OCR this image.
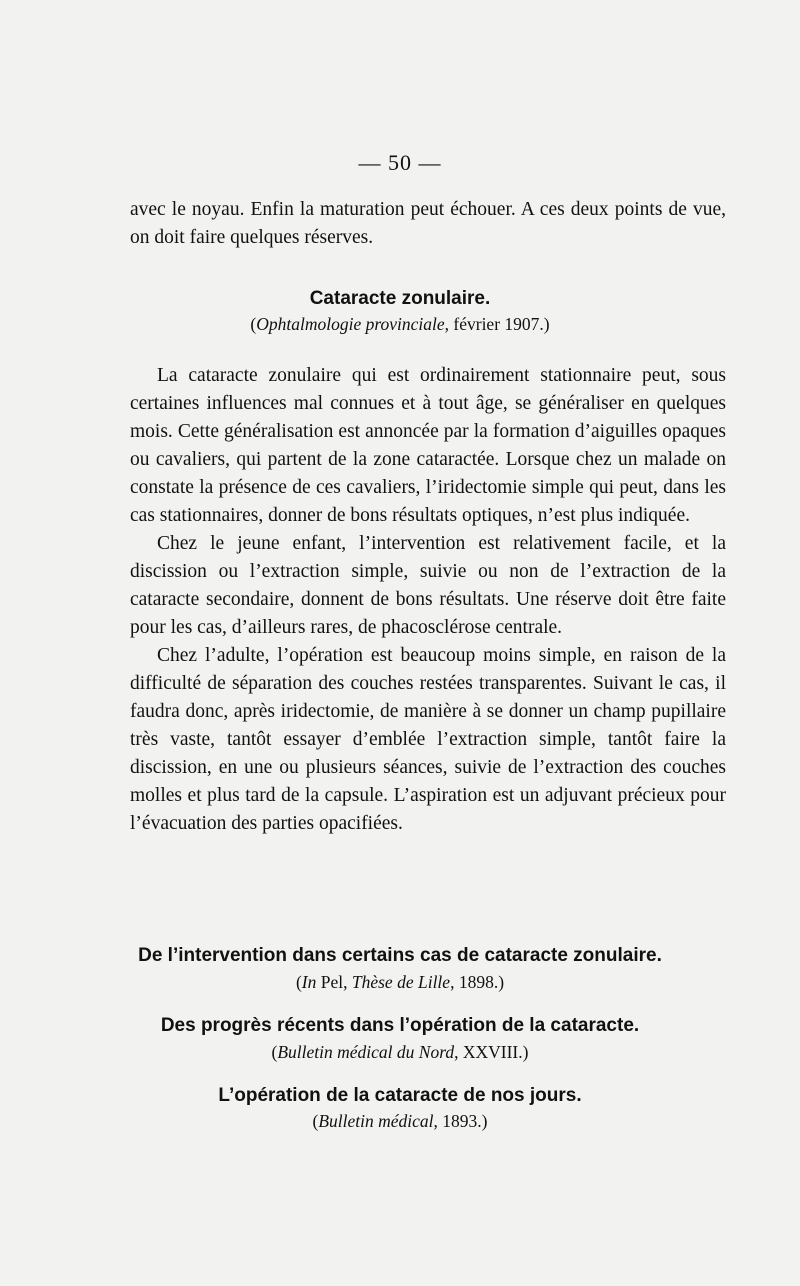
— 50 —

avec le noyau. Enfin la maturation peut échouer. A ces deux points de vue, on doit faire quelques réserves.

Cataracte zonulaire.
(Ophtalmologie provinciale, février 1907.)

La cataracte zonulaire qui est ordinairement stationnaire peut, sous certaines influences mal connues et à tout âge, se généraliser en quelques mois. Cette généralisation est annoncée par la formation d’aiguilles opaques ou cavaliers, qui partent de la zone cataractée. Lorsque chez un malade on constate la présence de ces cavaliers, l’iridectomie simple qui peut, dans les cas stationnaires, donner de bons résultats optiques, n’est plus indiquée.

Chez le jeune enfant, l’intervention est relativement facile, et la discission ou l’extraction simple, suivie ou non de l’extraction de la cataracte secondaire, donnent de bons résultats. Une réserve doit être faite pour les cas, d’ailleurs rares, de phacosclérose centrale.

Chez l’adulte, l’opération est beaucoup moins simple, en raison de la difficulté de séparation des couches restées transparentes. Suivant le cas, il faudra donc, après iridectomie, de manière à se donner un champ pupillaire très vaste, tantôt essayer d’emblée l’extraction simple, tantôt faire la discission, en une ou plusieurs séances, suivie de l’extraction des couches molles et plus tard de la capsule. L’aspiration est un adjuvant précieux pour l’évacuation des parties opacifiées.

De l’intervention dans certains cas de cataracte zonulaire.
(In Pel, Thèse de Lille, 1898.)
Des progrès récents dans l’opération de la cataracte.
(Bulletin médical du Nord, XXVIII.)
L’opération de la cataracte de nos jours.
(Bulletin médical, 1893.)
